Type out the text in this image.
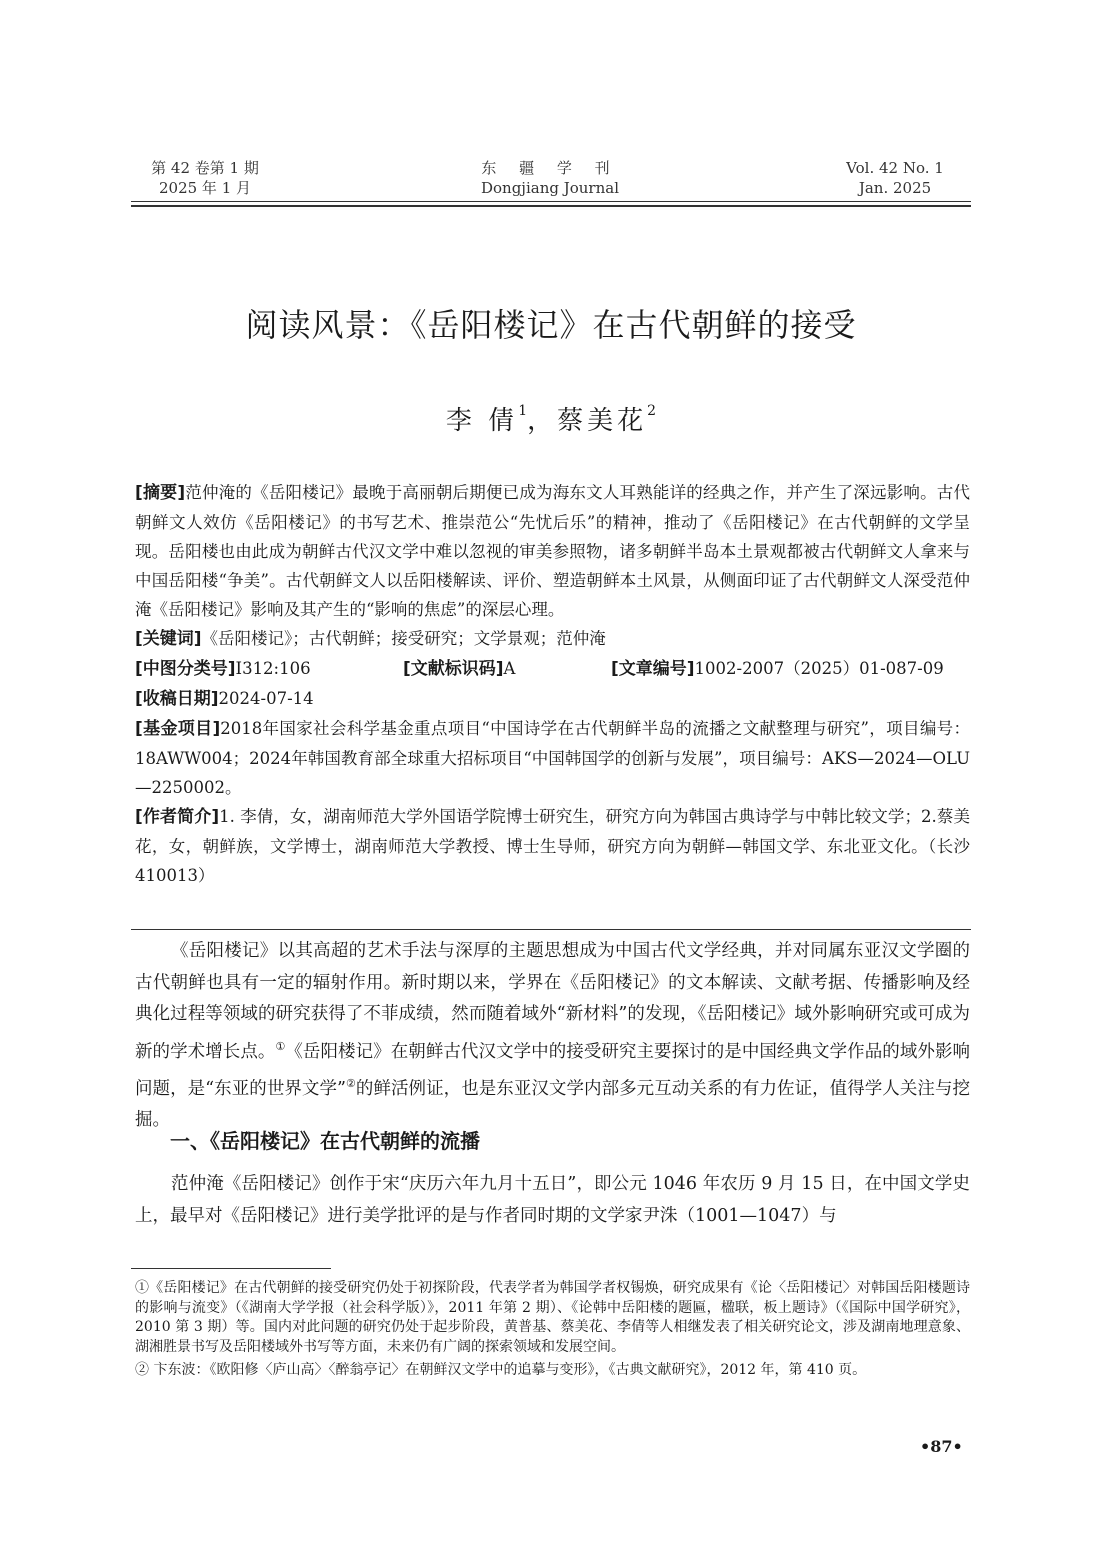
第 42 卷第 1 期
2025 年 1 月
东 疆 学 刊
Dongjiang Journal
Vol. 42 No. 1
Jan. 2025
阅读风景：《岳阳楼记》在古代朝鲜的接受
李 倩$^1$，蔡美花$^2$

[摘要]范仲淹的《岳阳楼记》最晚于高丽朝后期便已成为海东文人耳熟能详的经典之作，并产生了深远影响。古代朝鲜文人效仿《岳阳楼记》的书写艺术、推崇范公“先忧后乐”的精神，推动了《岳阳楼记》在古代朝鲜的文学呈现。岳阳楼也由此成为朝鲜古代汉文学中难以忽视的审美参照物，诸多朝鲜半岛本土景观都被古代朝鲜文人拿来与中国岳阳楼“争美”。古代朝鲜文人以岳阳楼解读、评价、塑造朝鲜本土风景，从侧面印证了古代朝鲜文人深受范仲淹《岳阳楼记》影响及其产生的“影响的焦虑”的深层心理。

[关键词]《岳阳楼记》；古代朝鲜；接受研究；文学景观；范仲淹

[中图分类号]I312:106	[文献标识码]A	[文章编号]1002-2007（2025）01-087-09

[收稿日期]2024-07-14

[基金项目]2018年国家社会科学基金重点项目“中国诗学在古代朝鲜半岛的流播之文献整理与研究”，项目编号：18AWW004；2024年韩国教育部全球重大招标项目“中国韩国学的创新与发展”，项目编号：AKS—2024—OLU—2250002。

[作者简介]1. 李倩，女，湖南师范大学外国语学院博士研究生，研究方向为韩国古典诗学与中韩比较文学；2.蔡美花，女，朝鲜族，文学博士，湖南师范大学教授、博士生导师，研究方向为朝鲜—韩国文学、东北亚文化。（长沙 410013）

《岳阳楼记》以其高超的艺术手法与深厚的主题思想成为中国古代文学经典，并对同属东亚汉文学圈的古代朝鲜也具有一定的辐射作用。新时期以来，学界在《岳阳楼记》的文本解读、文献考据、传播影响及经典化过程等领域的研究获得了不菲成绩，然而随着域外“新材料”的发现，《岳阳楼记》域外影响研究或可成为新的学术增长点。①《岳阳楼记》在朝鲜古代汉文学中的接受研究主要探讨的是中国经典文学作品的域外影响问题，是“东亚的世界文学”②的鲜活例证，也是东亚汉文学内部多元互动关系的有力佐证，值得学人关注与挖掘。

一、《岳阳楼记》在古代朝鲜的流播

范仲淹《岳阳楼记》创作于宋“庆历六年九月十五日”，即公元 1046 年农历 9 月 15 日，在中国文学史上，最早对《岳阳楼记》进行美学批评的是与作者同时期的文学家尹洙（1001—1047）与

①《岳阳楼记》在古代朝鲜的接受研究仍处于初探阶段，代表学者为韩国学者权锡焕，研究成果有《论〈岳阳楼记〉对韩国岳阳楼题诗的影响与流变》（《湖南大学学报（社会科学版）》，2011 年第 2 期）、《论韩中岳阳楼的题匾，楹联，板上题诗》（《国际中国学研究》，2010 第 3 期）等。国内对此问题的研究仍处于起步阶段，黄普基、蔡美花、李倩等人相继发表了相关研究论文，涉及湖南地理意象、湖湘胜景书写及岳阳楼域外书写等方面，未来仍有广阔的探索领域和发展空间。

② 卞东波：《欧阳修〈庐山高〉〈醉翁亭记〉在朝鲜汉文学中的追摹与变形》，《古典文献研究》，2012 年，第 410 页。

•87•
